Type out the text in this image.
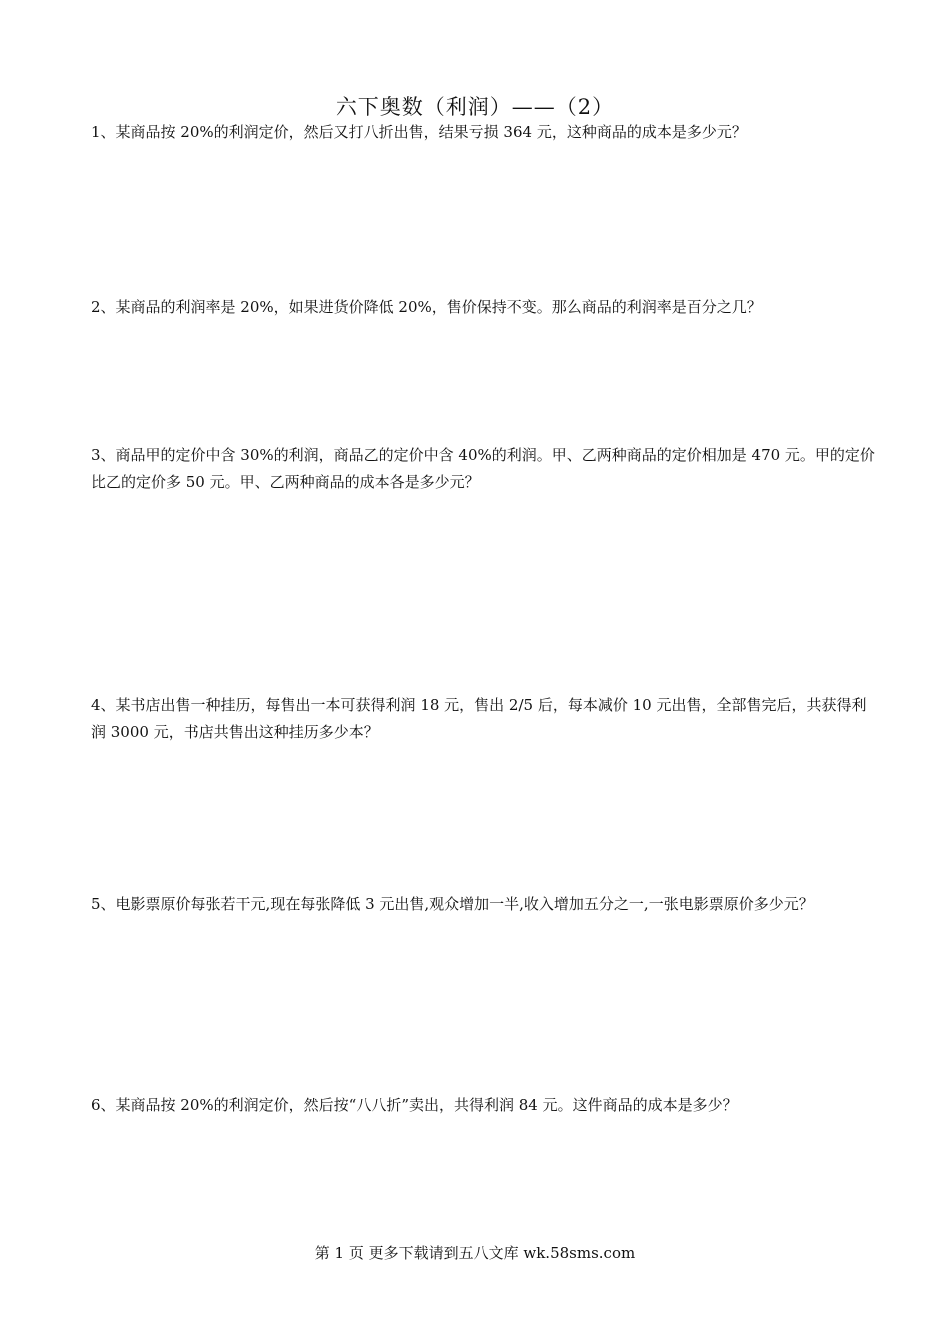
六下奥数（利润）——（2）
1、某商品按 20%的利润定价，然后又打八折出售，结果亏损 364 元，这种商品的成本是多少元？
2、某商品的利润率是 20%，如果进货价降低 20%，售价保持不变。那么商品的利润率是百分之几？
3、商品甲的定价中含 30%的利润，商品乙的定价中含 40%的利润。甲、乙两种商品的定价相加是 470 元。甲的定价比乙的定价多 50 元。甲、乙两种商品的成本各是多少元？
4、某书店出售一种挂历，每售出一本可获得利润 18 元，售出 2/5 后，每本减价 10 元出售，全部售完后，共获得利润 3000 元，书店共售出这种挂历多少本？
5、电影票原价每张若干元,现在每张降低 3 元出售,观众增加一半,收入增加五分之一,一张电影票原价多少元？
6、某商品按 20%的利润定价，然后按“八八折”卖出，共得利润 84 元。这件商品的成本是多少？
第 1 页 更多下载请到五八文库 wk.58sms.com
